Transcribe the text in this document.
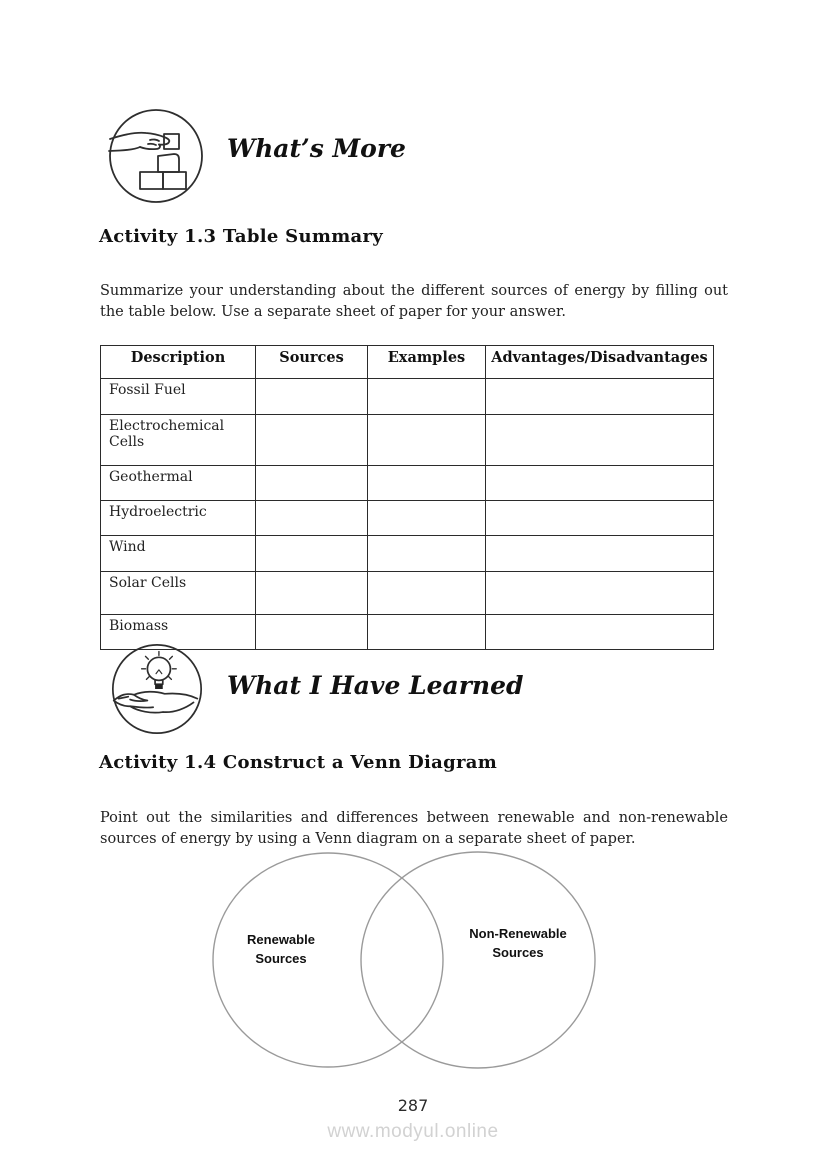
What’s More
Activity 1.3 Table Summary
Summarize your understanding about the different sources of energy by filling out the table below. Use a separate sheet of paper for your answer.
Description	Sources	Examples	Advantages/Disadvantages
Fossil Fuel			
Electrochemical Cells			
Geothermal			
Hydroelectric			
Wind			
Solar Cells			
Biomass			
What I Have Learned
Activity 1.4 Construct a Venn Diagram
Point out the similarities and differences between renewable and non-renewable sources of energy by using a Venn diagram on a separate sheet of paper.
Renewable Sources
Non-Renewable Sources
287
www.modyul.online
